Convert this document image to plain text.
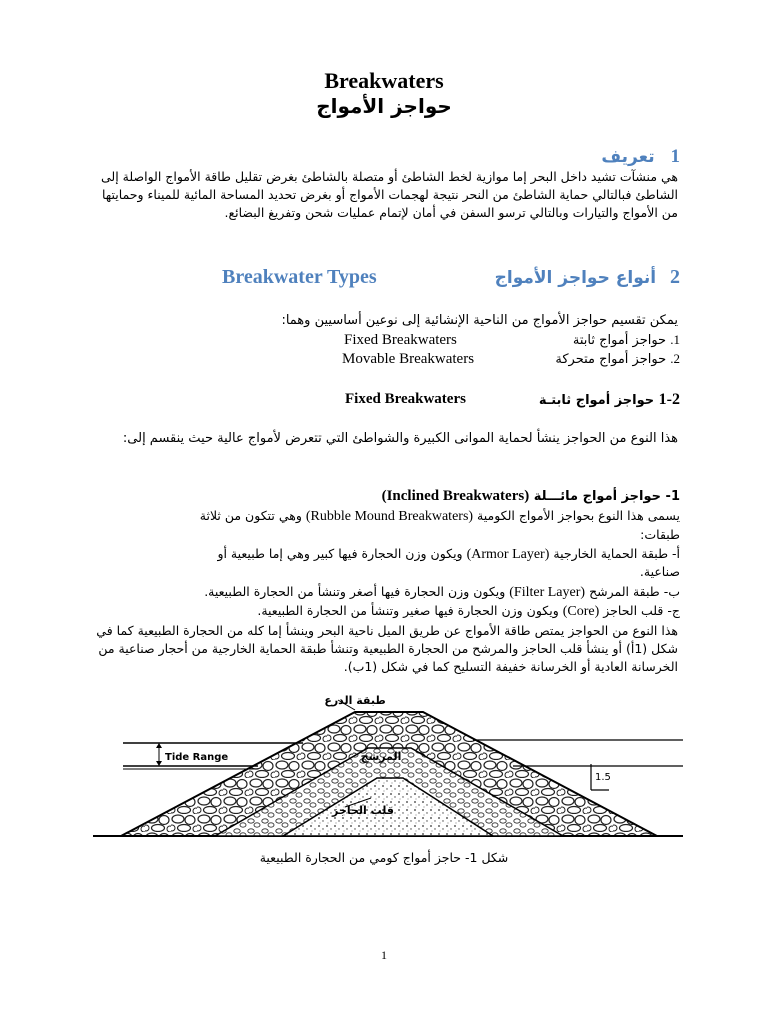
Breakwaters
حواجز الأمواج
1 تعريف
هي منشآت تشيد داخل البحر إما موازية لخط الشاطئ أو متصلة بالشاطئ بغرض تقليل طاقة الأمواج الواصلة إلى الشاطئ فبالتالي حماية الشاطئ من النحر نتيجة لهجمات الأمواج أو بغرض تحديد المساحة المائية للميناء وحمايتها من الأمواج والتيارات وبالتالي ترسو السفن في أمان لإتمام عمليات شحن وتفريغ البضائع.
Breakwater Types	2 أنواع حواجز الأمواج
يمكن تقسيم حواجز الأمواج من الناحية الإنشائية إلى نوعين أساسيين وهما:
1. حواجز أمواج ثابتة
Fixed Breakwaters
2. حواجز أمواج متحركة
Movable Breakwaters
1-2 حواجز أمواج ثابتـة
Fixed Breakwaters
هذا النوع من الحواجز ينشأ لحماية الموانى الكبيرة والشواطئ التي تتعرض لأمواج عالية حيث ينقسم إلى:
1- حواجز أمواج مائـــلة (Inclined Breakwaters)
يسمى هذا النوع بحواجز الأمواج الكومية (Rubble Mound Breakwaters) وهي تتكون من ثلاثة
طبقات:
أ- طبقة الحماية الخارجية (Armor Layer) ويكون وزن الحجارة فيها كبير وهي إما طبيعية أو
صناعية.
ب- طبقة المرشح (Filter Layer) ويكون وزن الحجارة فيها أصغر وتنشأ من الحجارة الطبيعية.
ج- قلب الحاجز (Core) ويكون وزن الحجارة فيها صغير وتنشأ من الحجارة الطبيعية.
هذا النوع من الحواجز يمتص طاقة الأمواج عن طريق الميل ناحية البحر وينشأ إما كله من الحجارة الطبيعية كما في شكل (1أ) أو ينشأ قلب الحاجز والمرشح من الحجارة الطبيعية وتنشأ طبقة الحماية الخارجية من أحجار صناعية من الخرسانة العادية أو الخرسانة خفيفة التسليح كما في شكل (1ب).
طبقة الدرع
Tide Range	المرشح
قلب الحاجز
1.5
شكل 1- حاجز أمواج كومي من الحجارة الطبيعية
1
